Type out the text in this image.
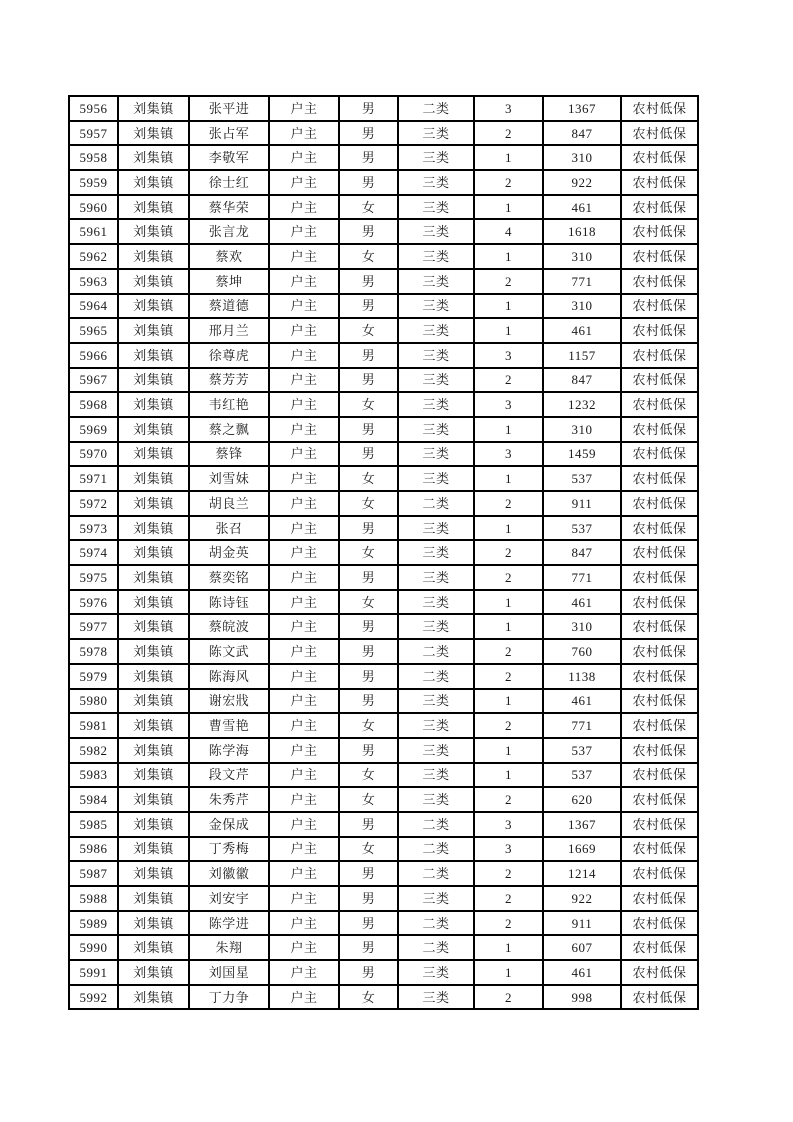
5956	刘集镇	张平进	户主	男	二类	3	1367	农村低保
5957	刘集镇	张占军	户主	男	三类	2	847	农村低保
5958	刘集镇	李敬军	户主	男	三类	1	310	农村低保
5959	刘集镇	徐士红	户主	男	三类	2	922	农村低保
5960	刘集镇	蔡华荣	户主	女	三类	1	461	农村低保
5961	刘集镇	张言龙	户主	男	三类	4	1618	农村低保
5962	刘集镇	蔡欢	户主	女	三类	1	310	农村低保
5963	刘集镇	蔡坤	户主	男	三类	2	771	农村低保
5964	刘集镇	蔡道德	户主	男	三类	1	310	农村低保
5965	刘集镇	邢月兰	户主	女	三类	1	461	农村低保
5966	刘集镇	徐尊虎	户主	男	三类	3	1157	农村低保
5967	刘集镇	蔡芳芳	户主	男	三类	2	847	农村低保
5968	刘集镇	韦红艳	户主	女	三类	3	1232	农村低保
5969	刘集镇	蔡之飘	户主	男	三类	1	310	农村低保
5970	刘集镇	蔡锋	户主	男	三类	3	1459	农村低保
5971	刘集镇	刘雪妹	户主	女	三类	1	537	农村低保
5972	刘集镇	胡良兰	户主	女	二类	2	911	农村低保
5973	刘集镇	张召	户主	男	三类	1	537	农村低保
5974	刘集镇	胡金英	户主	女	三类	2	847	农村低保
5975	刘集镇	蔡奕铭	户主	男	三类	2	771	农村低保
5976	刘集镇	陈诗钰	户主	女	三类	1	461	农村低保
5977	刘集镇	蔡皖波	户主	男	三类	1	310	农村低保
5978	刘集镇	陈文武	户主	男	二类	2	760	农村低保
5979	刘集镇	陈海风	户主	男	二类	2	1138	农村低保
5980	刘集镇	谢宏戕	户主	男	三类	1	461	农村低保
5981	刘集镇	曹雪艳	户主	女	三类	2	771	农村低保
5982	刘集镇	陈学海	户主	男	三类	1	537	农村低保
5983	刘集镇	段文芹	户主	女	三类	1	537	农村低保
5984	刘集镇	朱秀芹	户主	女	三类	2	620	农村低保
5985	刘集镇	金保成	户主	男	二类	3	1367	农村低保
5986	刘集镇	丁秀梅	户主	女	二类	3	1669	农村低保
5987	刘集镇	刘徽徽	户主	男	二类	2	1214	农村低保
5988	刘集镇	刘安宇	户主	男	三类	2	922	农村低保
5989	刘集镇	陈学进	户主	男	二类	2	911	农村低保
5990	刘集镇	朱翔	户主	男	二类	1	607	农村低保
5991	刘集镇	刘国星	户主	男	三类	1	461	农村低保
5992	刘集镇	丁力争	户主	女	三类	2	998	农村低保
